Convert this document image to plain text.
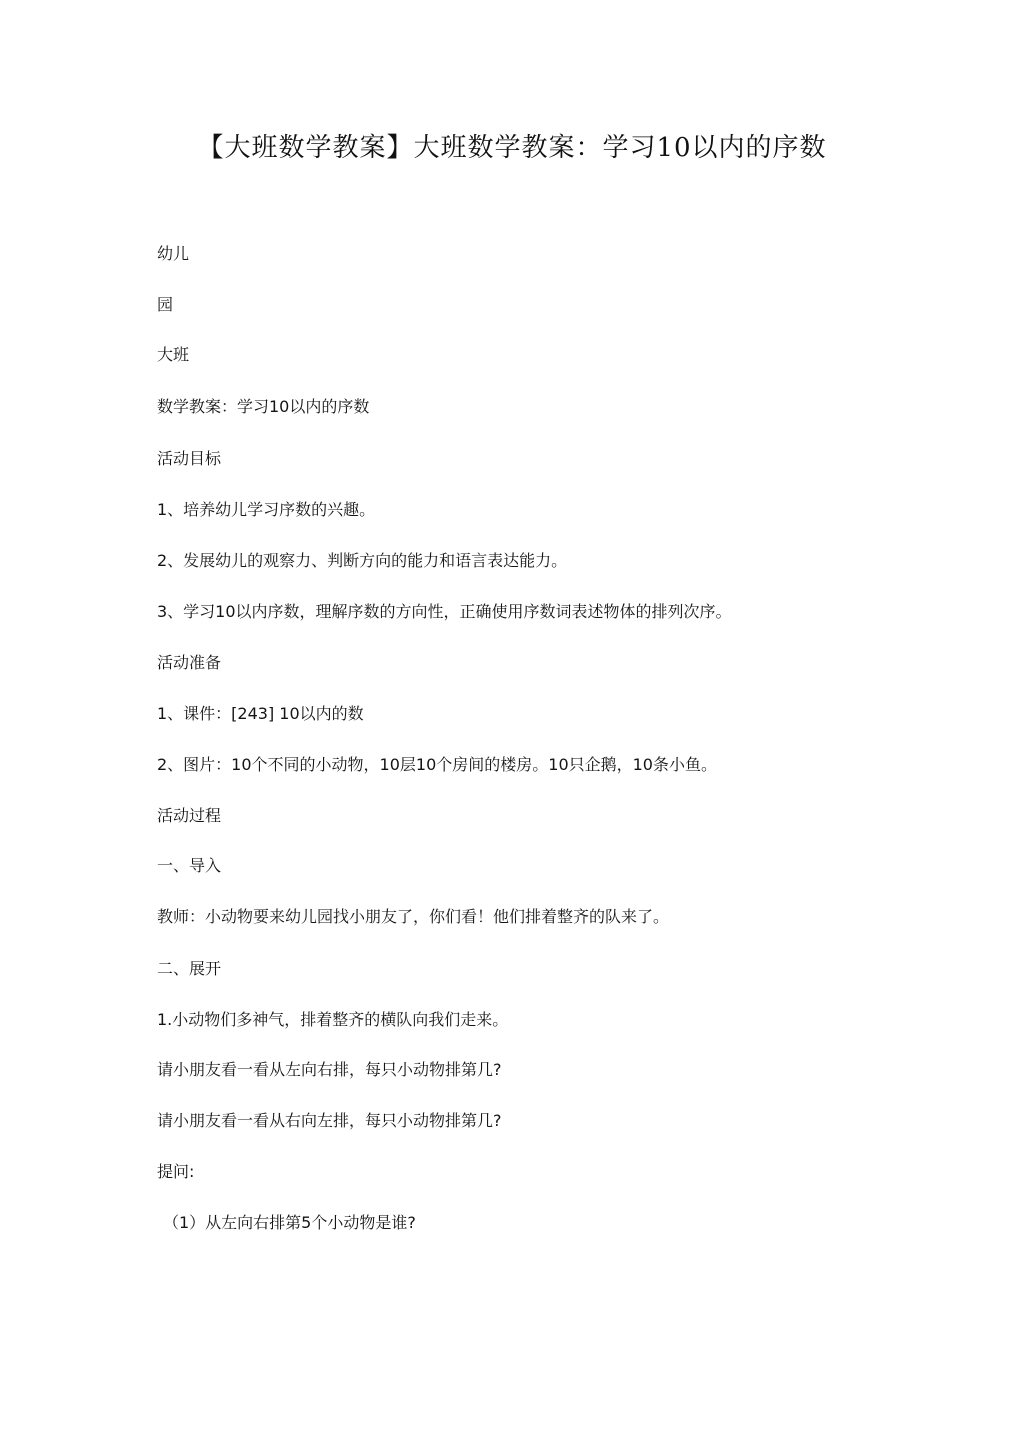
【大班数学教案】大班数学教案：学习10以内的序数
幼儿
园
大班
数学教案：学习10以内的序数
活动目标
1、培养幼儿学习序数的兴趣。
2、发展幼儿的观察力、判断方向的能力和语言表达能力。
3、学习10以内序数，理解序数的方向性，正确使用序数词表述物体的排列次序。
活动准备
1、课件：[243] 10以内的数
2、图片：10个不同的小动物，10层10个房间的楼房。10只企鹅，10条小鱼。
活动过程
一、导入
教师：小动物要来幼儿园找小朋友了，你们看！他们排着整齐的队来了。
二、展开
1.小动物们多神气，排着整齐的横队向我们走来。
请小朋友看一看从左向右排，每只小动物排第几?
请小朋友看一看从右向左排，每只小动物排第几?
提问:
（1）从左向右排第5个小动物是谁?
